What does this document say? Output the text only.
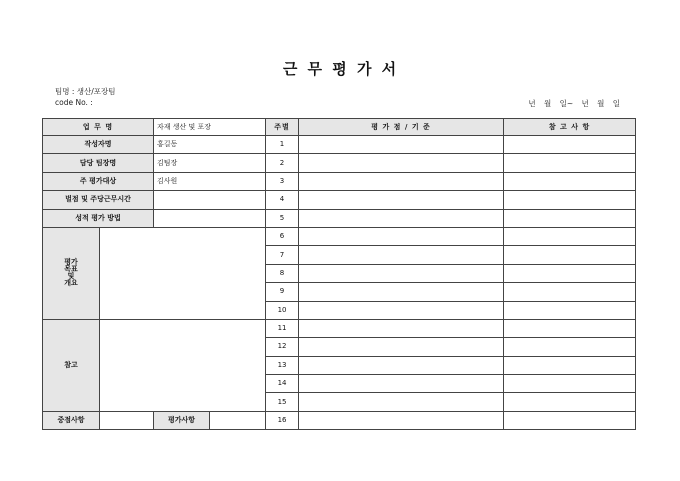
근 무 평 가 서
팀명 : 생산/포장팀
code No. :	년 월 일~ 년 월 일
업 무 명		자재 생산 및 포장		주별	평 가 점 / 기 준	참 고 사 항
작성자명		홍길동		1		
담당 팀장명		김팀장		2		
주 평가대상		김사원		3		
벌점 및 주당근무시간				4		
성적 평가 방법				5		
평가
목표
및
개요				6		
				7		
				8		
				9		
				10		
참고				11		
				12		
				13		
				14		
				15		
중점사항		평가사항		16		
